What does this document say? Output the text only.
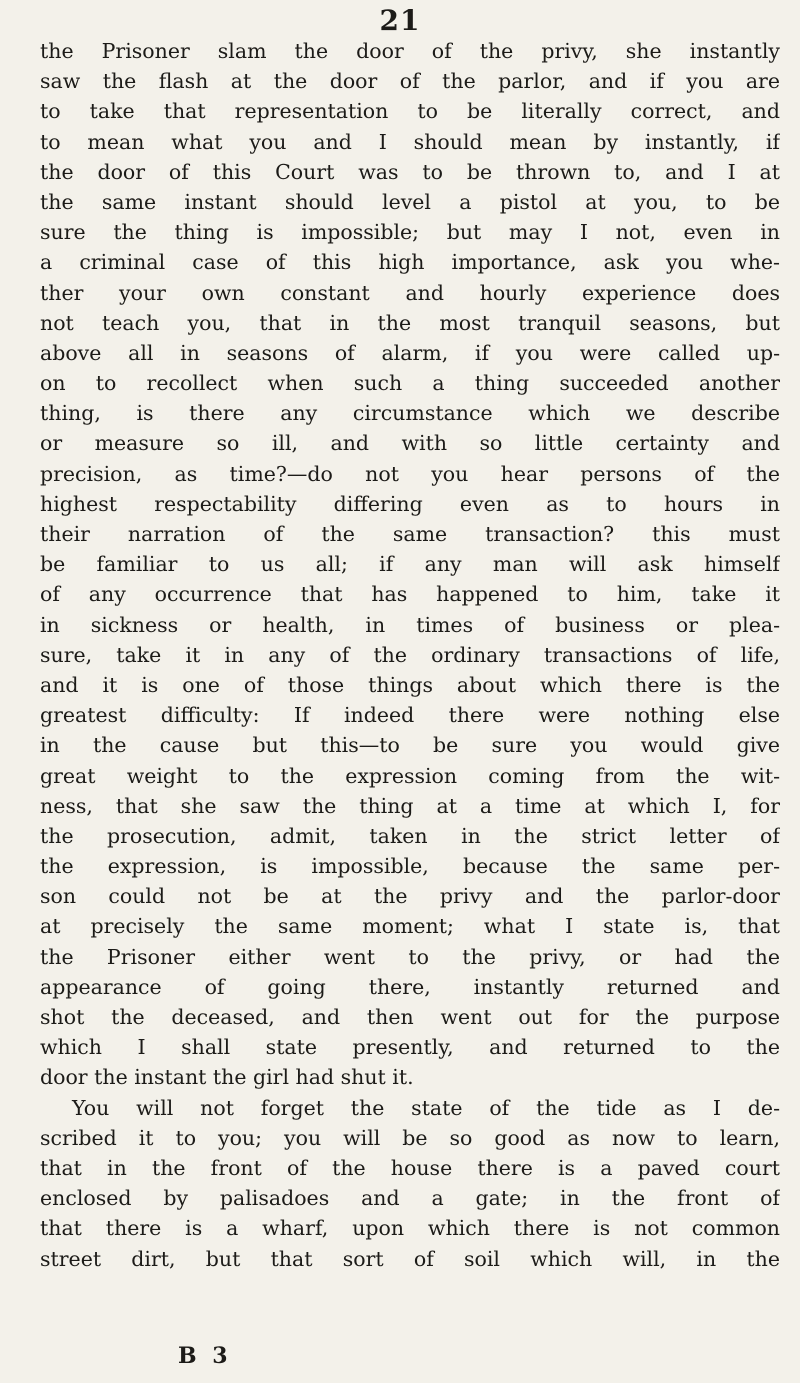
21
the Prisoner slam the door of the privy, she instantly
saw the flash at the door of the parlor, and if you are
to take that representation to be literally correct, and
to mean what you and I should mean by instantly, if
the door of this Court was to be thrown to, and I at
the same instant should level a pistol at you, to be
sure the thing is impossible; but may I not, even in
a criminal case of this high importance, ask you whe-
ther your own constant and hourly experience does
not teach you, that in the most tranquil seasons, but
above all in seasons of alarm, if you were called up-
on to recollect when such a thing succeeded another
thing, is there any circumstance which we describe
or measure so ill, and with so little certainty and
precision, as time?—do not you hear persons of the
highest respectability differing even as to hours in
their narration of the same transaction? this must
be familiar to us all; if any man will ask himself
of any occurrence that has happened to him, take it
in sickness or health, in times of business or plea-
sure, take it in any of the ordinary transactions of life,
and it is one of those things about which there is the
greatest difficulty: If indeed there were nothing else
in the cause but this—to be sure you would give
great weight to the expression coming from the wit-
ness, that she saw the thing at a time at which I, for
the prosecution, admit, taken in the strict letter of
the expression, is impossible, because the same per-
son could not be at the privy and the parlor-door
at precisely the same moment; what I state is, that
the Prisoner either went to the privy, or had the
appearance of going there, instantly returned and
shot the deceased, and then went out for the purpose
which I shall state presently, and returned to the
door the instant the girl had shut it.
You will not forget the state of the tide as I de-
scribed it to you; you will be so good as now to learn,
that in the front of the house there is a paved court
enclosed by palisadoes and a gate; in the front of
that there is a wharf, upon which there is not common
street dirt, but that sort of soil which will, in the
B 3
